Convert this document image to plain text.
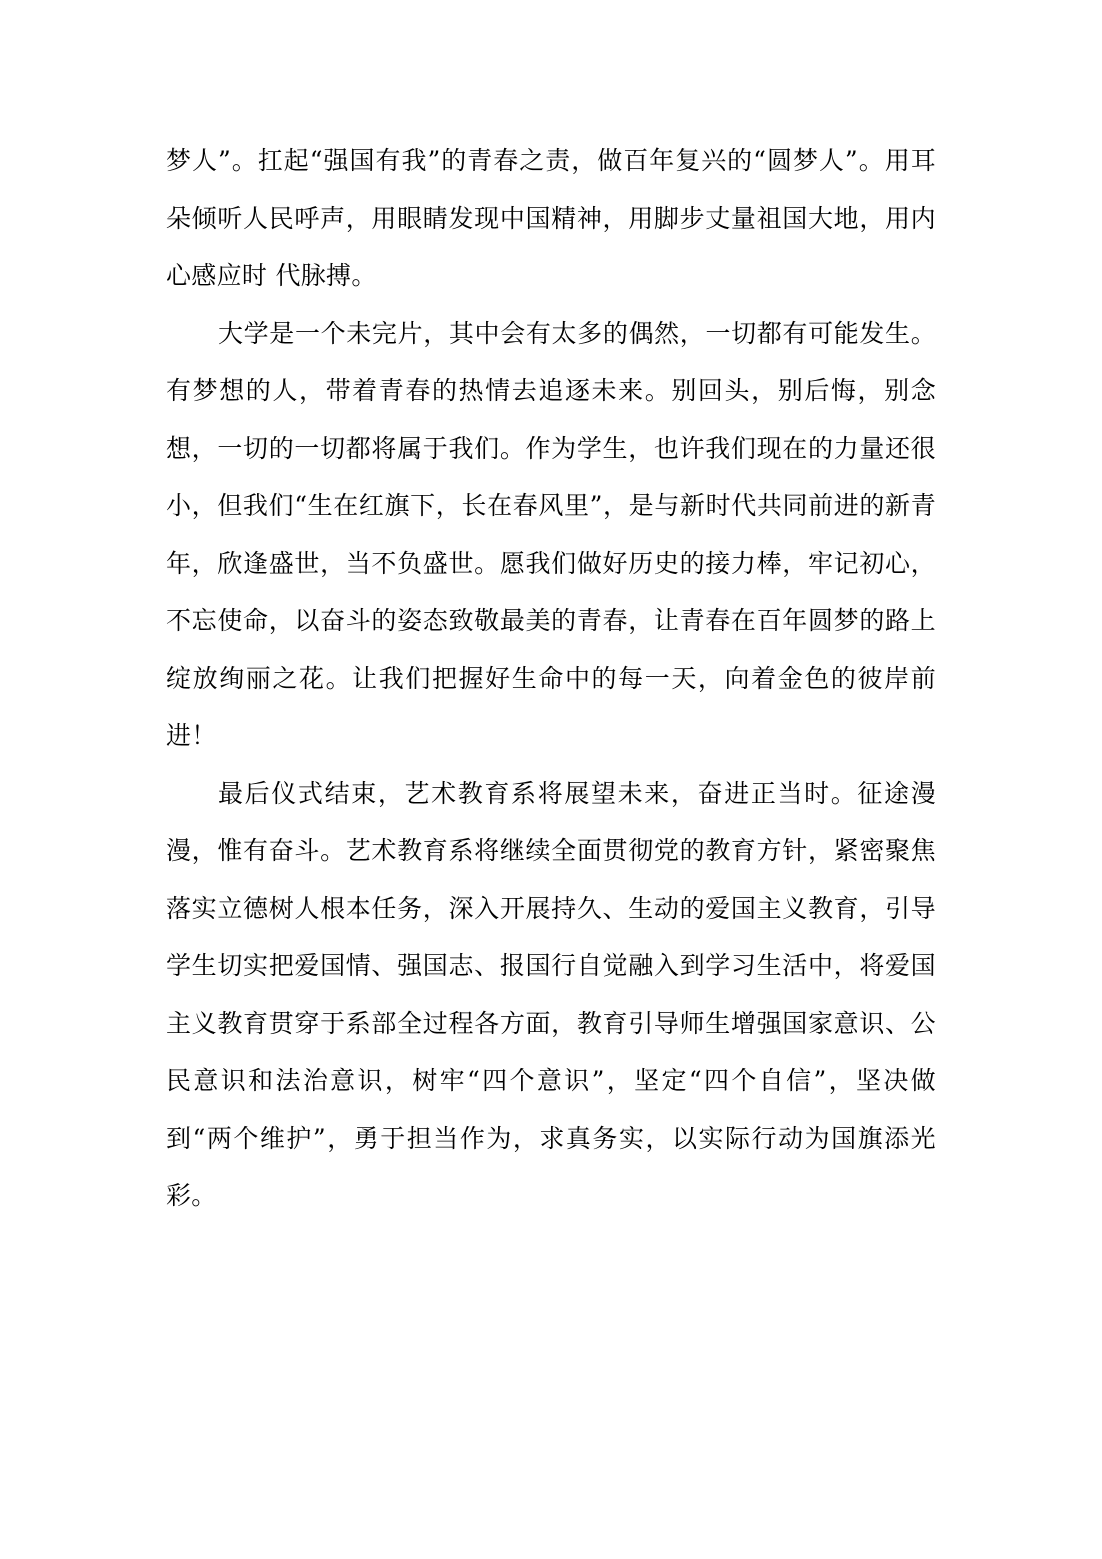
梦人”。扛起“强国有我”的青春之责，做百年复兴的“圆梦人”。用耳朵倾听人民呼声，用眼睛发现中国精神，用脚步丈量祖国大地，用内心感应时 代脉搏。

大学是一个未完片，其中会有太多的偶然，一切都有可能发生。有梦想的人，带着青春的热情去追逐未来。别回头，别后悔，别念想，一切的一切都将属于我们。作为学生，也许我们现在的力量还很小，但我们“生在红旗下，长在春风里”，是与新时代共同前进的新青年，欣逢盛世，当不负盛世。愿我们做好历史的接力棒，牢记初心，不忘使命，以奋斗的姿态致敬最美的青春，让青春在百年圆梦的路上绽放绚丽之花。让我们把握好生命中的每一天，向着金色的彼岸前进！

最后仪式结束，艺术教育系将展望未来，奋进正当时。征途漫漫，惟有奋斗。艺术教育系将继续全面贯彻党的教育方针，紧密聚焦落实立德树人根本任务，深入开展持久、生动的爱国主义教育，引导学生切实把爱国情、强国志、报国行自觉融入到学习生活中，将爱国主义教育贯穿于系部全过程各方面，教育引导师生增强国家意识、公民意识和法治意识，树牢“四个意识”，坚定“四个自信”，坚决做到“两个维护”，勇于担当作为，求真务实，以实际行动为国旗添光彩。
